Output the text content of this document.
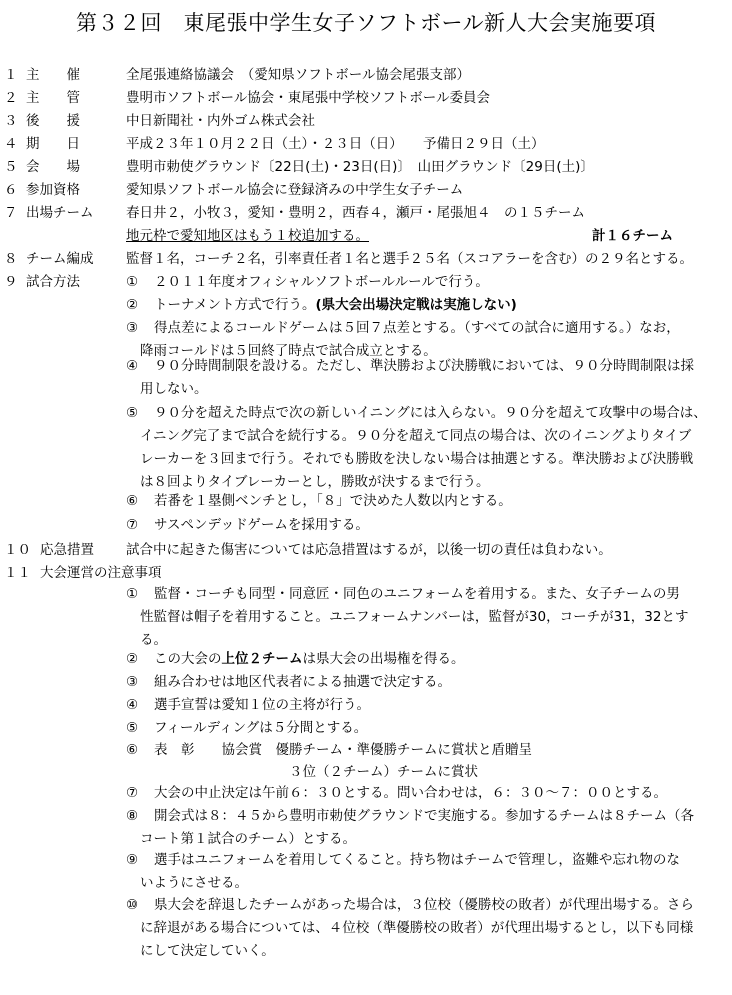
第３２回　東尾張中学生女子ソフトボール新人大会実施要項
１ 主　　催	全尾張連絡協議会　（愛知県ソフトボール協会尾張支部）
２ 主　　管	豊明市ソフトボール協会・東尾張中学校ソフトボール委員会
３ 後　　援	中日新聞社・内外ゴム株式会社
４ 期　　日	平成２３年１０月２２日（土）・２３日（日）　　予備日２９日（土）
５ 会　　場	豊明市勅使グラウンド〔22日(土)・23日(日)〕　山田グラウンド〔29日(土)〕
６ 参加資格	愛知県ソフトボール協会に登録済みの中学生女子チーム
７ 出場チーム	春日井２，小牧３，愛知・豊明２，西春４，瀬戸・尾張旭４　の１５チーム
地元枠で愛知地区はもう１校追加する。	計１６チーム
８ チーム編成	監督１名，コーチ２名，引率責任者１名と選手２５名（スコアラーを含む）の２９名とする。
９ 試合方法	① ２０１１年度オフィシャルソフトボールルールで行う。
② トーナメント方式で行う。(県大会出場決定戦は実施しない)
③ 得点差によるコールドゲームは５回７点差とする。（すべての試合に適用する。）なお，
降雨コールドは５回終了時点で試合成立とする。
④ ９０分時間制限を設ける。ただし、準決勝および決勝戦においては、９０分時間制限は採
用しない。
⑤ ９０分を超えた時点で次の新しいイニングには入らない。９０分を超えて攻撃中の場合は、
イニング完了まで試合を続行する。９０分を超えて同点の場合は、次のイニングよりタイブ
レーカーを３回まで行う。それでも勝敗を決しない場合は抽選とする。準決勝および決勝戦
は８回よりタイブレーカーとし，勝敗が決するまで行う。
⑥ 若番を１塁側ベンチとし，「８」で決めた人数以内とする。
⑦ サスペンデッドゲームを採用する。
１０ 応急措置	試合中に起きた傷害については応急措置はするが，以後一切の責任は負わない。
１１ 大会運営の注意事項
① 監督・コーチも同型・同意匠・同色のユニフォームを着用する。また、女子チームの男
性監督は帽子を着用すること。ユニフォームナンバーは，監督が30，コーチが31，32とす
る。
② この大会の上位２チームは県大会の出場権を得る。
③ 組み合わせは地区代表者による抽選で決定する。
④ 選手宣誓は愛知１位の主将が行う。
⑤ フィールディングは５分間とする。
⑥ 表　彰　　協会賞　優勝チーム・準優勝チームに賞状と盾贈呈
　　　　　　　　　　３位（２チーム）チームに賞状
⑦ 大会の中止決定は午前６：３０とする。問い合わせは，６：３０〜７：００とする。
⑧ 開会式は８：４５から豊明市勅使グラウンドで実施する。参加するチームは８チーム（各
コート第１試合のチーム）とする。
⑨ 選手はユニフォームを着用してくること。持ち物はチームで管理し，盗難や忘れ物のな
いようにさせる。
⑩ 県大会を辞退したチームがあった場合は，３位校（優勝校の敗者）が代理出場する。さら
に辞退がある場合については、４位校（準優勝校の敗者）が代理出場するとし，以下も同様
にして決定していく。
